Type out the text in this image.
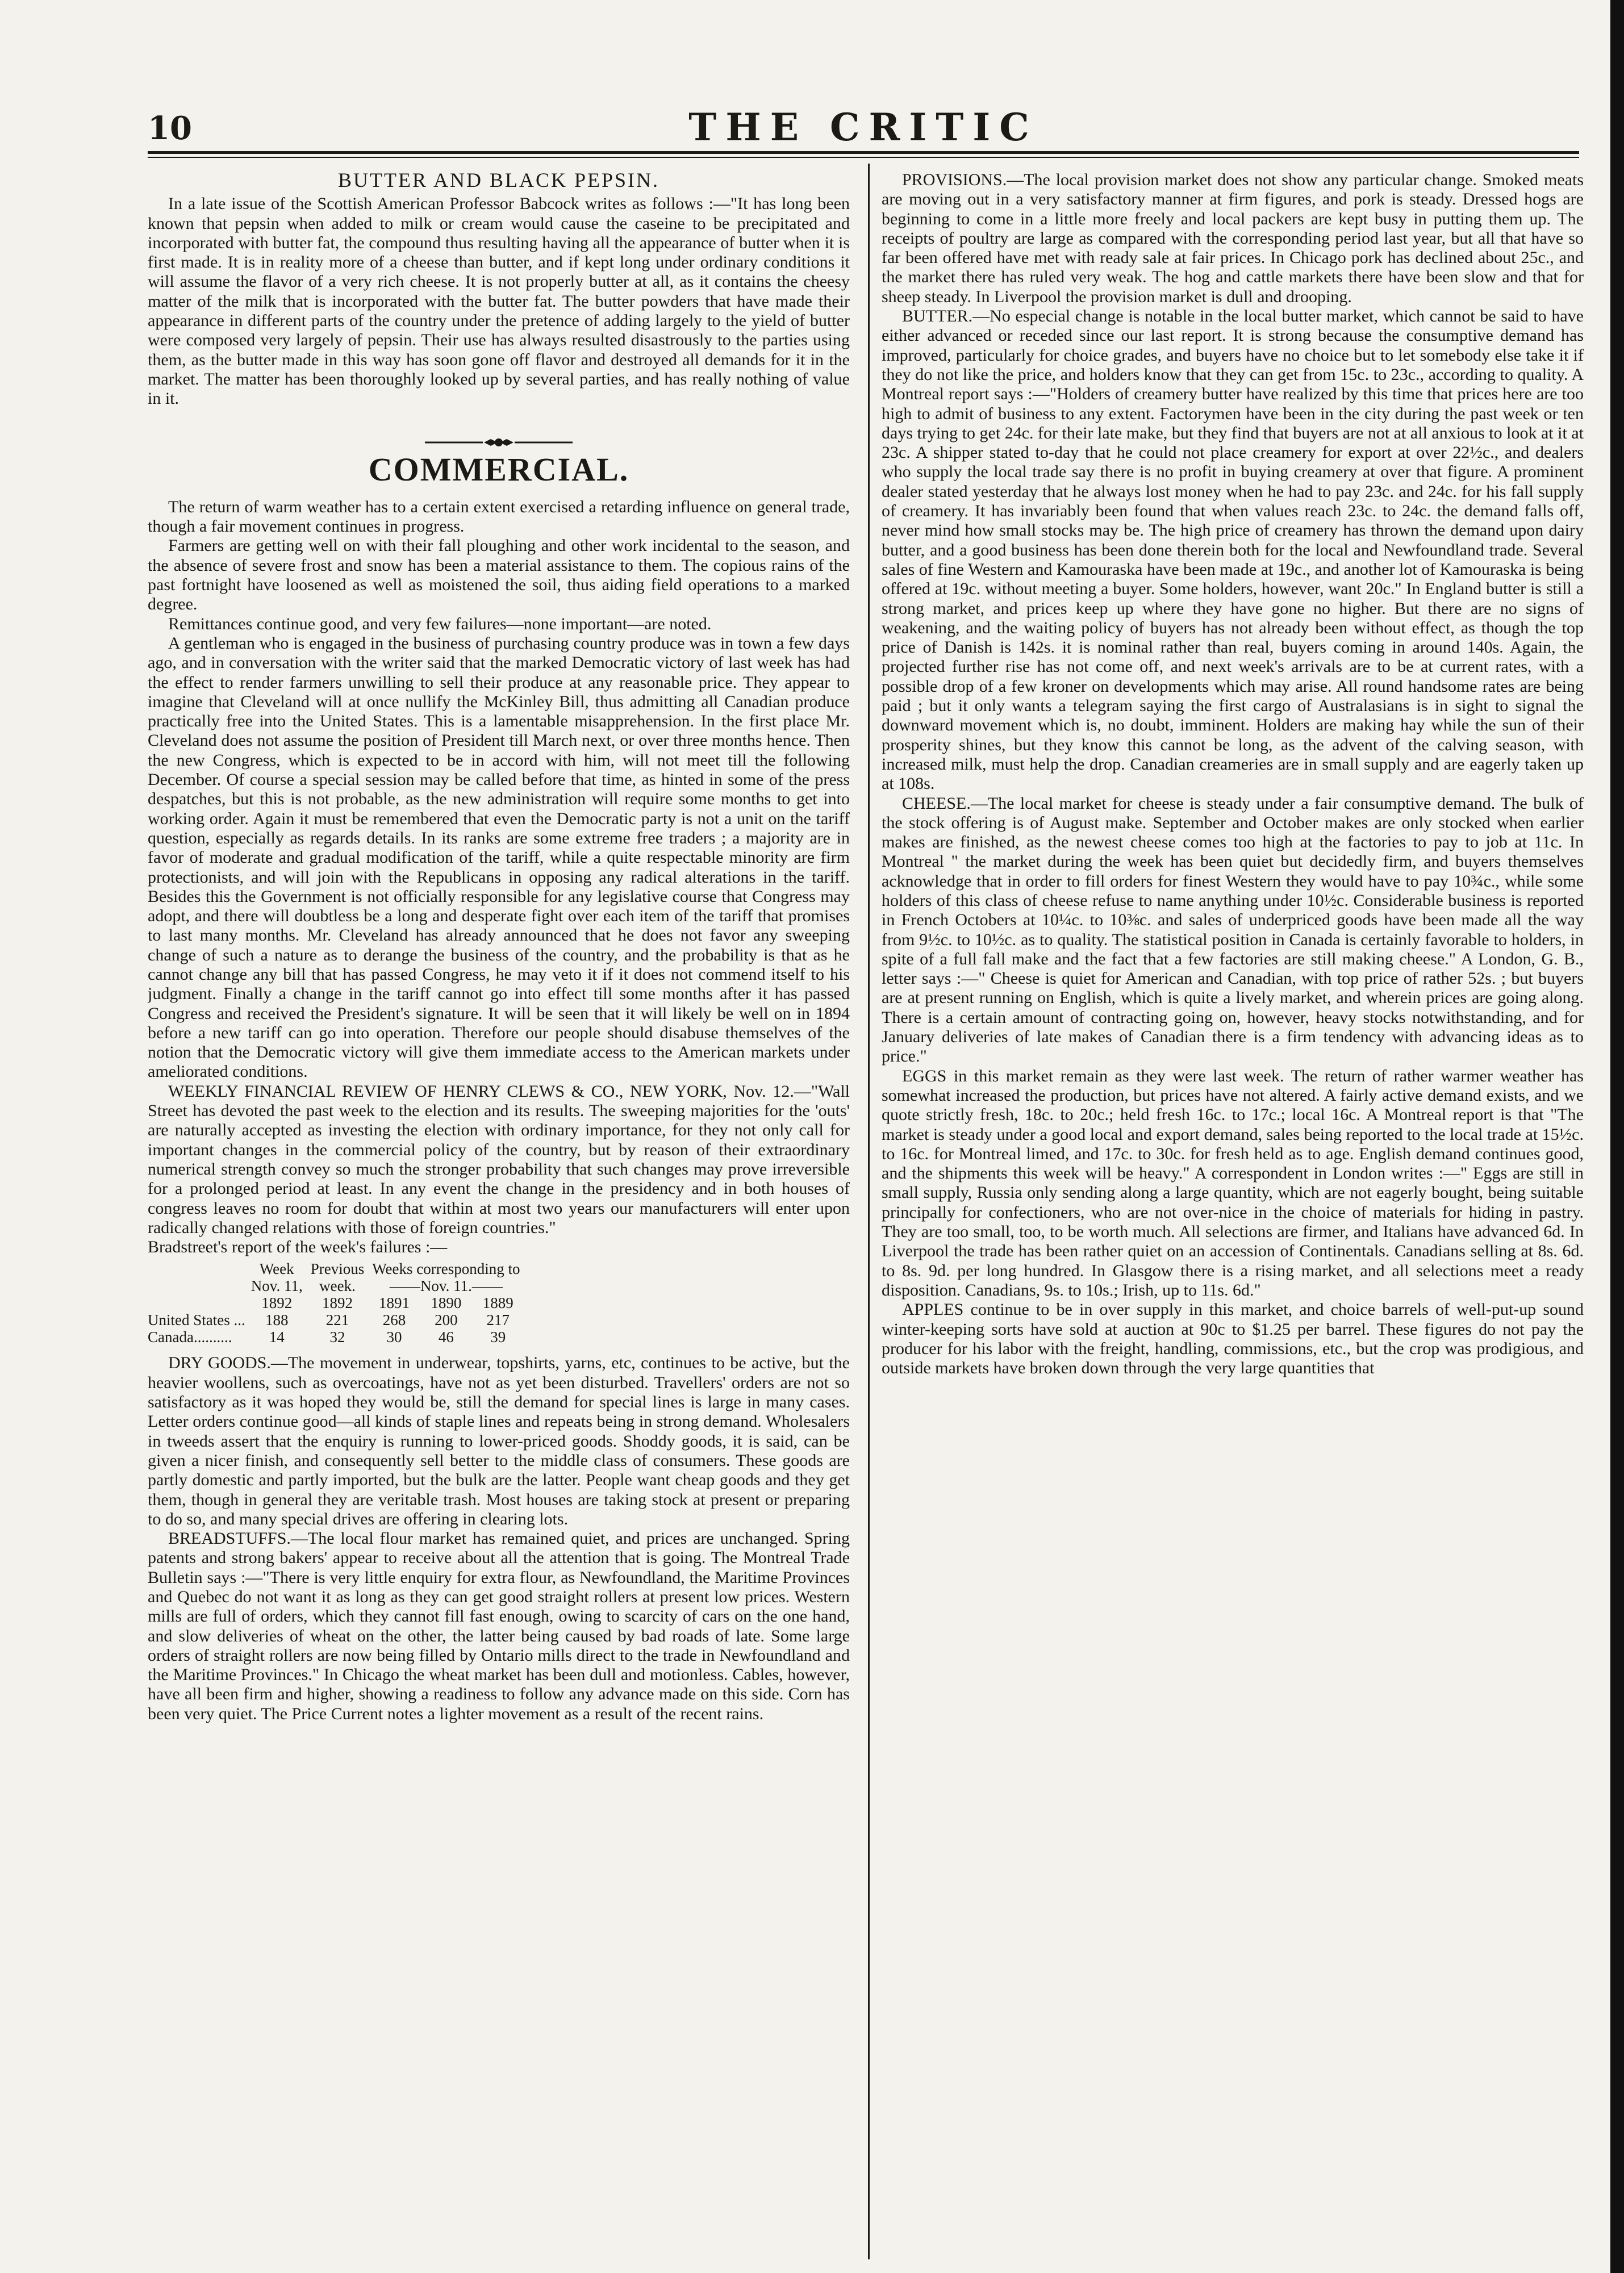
10	THE CRITIC
BUTTER AND BLACK PEPSIN.

In a late issue of the Scottish American Professor Babcock writes as follows :—"It has long been known that pepsin when added to milk or cream would cause the caseine to be precipitated and incorporated with butter fat, the compound thus resulting having all the appearance of butter when it is first made. It is in reality more of a cheese than butter, and if kept long under ordinary conditions it will assume the flavor of a very rich cheese. It is not properly butter at all, as it contains the cheesy matter of the milk that is incorporated with the butter fat. The butter powders that have made their appearance in different parts of the country under the pretence of adding largely to the yield of butter were composed very largely of pepsin. Their use has always resulted disastrously to the parties using them, as the butter made in this way has soon gone off flavor and destroyed all demands for it in the market. The matter has been thoroughly looked up by several parties, and has really nothing of value in it.

COMMERCIAL.

The return of warm weather has to a certain extent exercised a retarding influence on general trade, though a fair movement continues in progress.

Farmers are getting well on with their fall ploughing and other work incidental to the season, and the absence of severe frost and snow has been a material assistance to them. The copious rains of the past fortnight have loosened as well as moistened the soil, thus aiding field operations to a marked degree.

Remittances continue good, and very few failures—none important—are noted.

A gentleman who is engaged in the business of purchasing country produce was in town a few days ago, and in conversation with the writer said that the marked Democratic victory of last week has had the effect to render farmers unwilling to sell their produce at any reasonable price. They appear to imagine that Cleveland will at once nullify the McKinley Bill, thus admitting all Canadian produce practically free into the United States. This is a lamentable misapprehension. In the first place Mr. Cleveland does not assume the position of President till March next, or over three months hence. Then the new Congress, which is expected to be in accord with him, will not meet till the following December. Of course a special session may be called before that time, as hinted in some of the press despatches, but this is not probable, as the new administration will require some months to get into working order. Again it must be remembered that even the Democratic party is not a unit on the tariff question, especially as regards details. In its ranks are some extreme free traders ; a majority are in favor of moderate and gradual modification of the tariff, while a quite respectable minority are firm protectionists, and will join with the Republicans in opposing any radical alterations in the tariff. Besides this the Government is not officially responsible for any legislative course that Congress may adopt, and there will doubtless be a long and desperate fight over each item of the tariff that promises to last many months. Mr. Cleveland has already announced that he does not favor any sweeping change of such a nature as to derange the business of the country, and the probability is that as he cannot change any bill that has passed Congress, he may veto it if it does not commend itself to his judgment. Finally a change in the tariff cannot go into effect till some months after it has passed Congress and received the President's signature. It will be seen that it will likely be well on in 1894 before a new tariff can go into operation. Therefore our people should disabuse themselves of the notion that the Democratic victory will give them immediate access to the American markets under ameliorated conditions.

WEEKLY FINANCIAL REVIEW OF HENRY CLEWS & CO., NEW YORK, Nov. 12.—"Wall Street has devoted the past week to the election and its results. The sweeping majorities for the 'outs' are naturally accepted as investing the election with ordinary importance, for they not only call for important changes in the commercial policy of the country, but by reason of their extraordinary numerical strength convey so much the stronger probability that such changes may prove irreversible for a prolonged period at least. In any event the change in the presidency and in both houses of congress leaves no room for doubt that within at most two years our manufacturers will enter upon radically changed relations with those of foreign countries."

Bradstreet's report of the week's failures :—

	Week	Previous	Weeks corresponding to		
	Nov. 11,	week.	——Nov. 11.——		
	1892	1892	1891	1890	1889
United States ...	188	221	268	200	217
Canada..........	14	32	30	46	39

DRY GOODS.—The movement in underwear, topshirts, yarns, etc, continues to be active, but the heavier woollens, such as overcoatings, have not as yet been disturbed. Travellers' orders are not so satisfactory as it was hoped they would be, still the demand for special lines is large in many cases. Letter orders continue good—all kinds of staple lines and repeats being in strong demand. Wholesalers in tweeds assert that the enquiry is running to lower-priced goods. Shoddy goods, it is said, can be given a nicer finish, and consequently sell better to the middle class of consumers. These goods are partly domestic and partly imported, but the bulk are the latter. People want cheap goods and they get them, though in general they are veritable trash. Most houses are taking stock at present or preparing to do so, and many special drives are offering in clearing lots.

BREADSTUFFS.—The local flour market has remained quiet, and prices are unchanged. Spring patents and strong bakers' appear to receive about all the attention that is going. The Montreal Trade Bulletin says :—"There is very little enquiry for extra flour, as Newfoundland, the Maritime Provinces and Quebec do not want it as long as they can get good straight rollers at present low prices. Western mills are full of orders, which they cannot fill fast enough, owing to scarcity of cars on the one hand, and slow deliveries of wheat on the other, the latter being caused by bad roads of late. Some large orders of straight rollers are now being filled by Ontario mills direct to the trade in Newfoundland and the Maritime Provinces." In Chicago the wheat market has been dull and motionless. Cables, however, have all been firm and higher, showing a readiness to follow any advance made on this side. Corn has been very quiet. The Price Current notes a lighter movement as a result of the recent rains.

PROVISIONS.—The local provision market does not show any particular change. Smoked meats are moving out in a very satisfactory manner at firm figures, and pork is steady. Dressed hogs are beginning to come in a little more freely and local packers are kept busy in putting them up. The receipts of poultry are large as compared with the corresponding period last year, but all that have so far been offered have met with ready sale at fair prices. In Chicago pork has declined about 25c., and the market there has ruled very weak. The hog and cattle markets there have been slow and that for sheep steady. In Liverpool the provision market is dull and drooping.

BUTTER.—No especial change is notable in the local butter market, which cannot be said to have either advanced or receded since our last report. It is strong because the consumptive demand has improved, particularly for choice grades, and buyers have no choice but to let somebody else take it if they do not like the price, and holders know that they can get from 15c. to 23c., according to quality. A Montreal report says :—"Holders of creamery butter have realized by this time that prices here are too high to admit of business to any extent. Factorymen have been in the city during the past week or ten days trying to get 24c. for their late make, but they find that buyers are not at all anxious to look at it at 23c. A shipper stated to-day that he could not place creamery for export at over 22½c., and dealers who supply the local trade say there is no profit in buying creamery at over that figure. A prominent dealer stated yesterday that he always lost money when he had to pay 23c. and 24c. for his fall supply of creamery. It has invariably been found that when values reach 23c. to 24c. the demand falls off, never mind how small stocks may be. The high price of creamery has thrown the demand upon dairy butter, and a good business has been done therein both for the local and Newfoundland trade. Several sales of fine Western and Kamouraska have been made at 19c., and another lot of Kamouraska is being offered at 19c. without meeting a buyer. Some holders, however, want 20c." In England butter is still a strong market, and prices keep up where they have gone no higher. But there are no signs of weakening, and the waiting policy of buyers has not already been without effect, as though the top price of Danish is 142s. it is nominal rather than real, buyers coming in around 140s. Again, the projected further rise has not come off, and next week's arrivals are to be at current rates, with a possible drop of a few kroner on developments which may arise. All round handsome rates are being paid ; but it only wants a telegram saying the first cargo of Australasians is in sight to signal the downward movement which is, no doubt, imminent. Holders are making hay while the sun of their prosperity shines, but they know this cannot be long, as the advent of the calving season, with increased milk, must help the drop. Canadian creameries are in small supply and are eagerly taken up at 108s.

CHEESE.—The local market for cheese is steady under a fair consumptive demand. The bulk of the stock offering is of August make. September and October makes are only stocked when earlier makes are finished, as the newest cheese comes too high at the factories to pay to job at 11c. In Montreal " the market during the week has been quiet but decidedly firm, and buyers themselves acknowledge that in order to fill orders for finest Western they would have to pay 10¾c., while some holders of this class of cheese refuse to name anything under 10½c. Considerable business is reported in French Octobers at 10¼c. to 10⅜c. and sales of underpriced goods have been made all the way from 9½c. to 10½c. as to quality. The statistical position in Canada is certainly favorable to holders, in spite of a full fall make and the fact that a few factories are still making cheese." A London, G. B., letter says :—" Cheese is quiet for American and Canadian, with top price of rather 52s. ; but buyers are at present running on English, which is quite a lively market, and wherein prices are going along. There is a certain amount of contracting going on, however, heavy stocks notwithstanding, and for January deliveries of late makes of Canadian there is a firm tendency with advancing ideas as to price."

EGGS in this market remain as they were last week. The return of rather warmer weather has somewhat increased the production, but prices have not altered. A fairly active demand exists, and we quote strictly fresh, 18c. to 20c.; held fresh 16c. to 17c.; local 16c. A Montreal report is that "The market is steady under a good local and export demand, sales being reported to the local trade at 15½c. to 16c. for Montreal limed, and 17c. to 30c. for fresh held as to age. English demand continues good, and the shipments this week will be heavy." A correspondent in London writes :—" Eggs are still in small supply, Russia only sending along a large quantity, which are not eagerly bought, being suitable principally for confectioners, who are not over-nice in the choice of materials for hiding in pastry. They are too small, too, to be worth much. All selections are firmer, and Italians have advanced 6d. In Liverpool the trade has been rather quiet on an accession of Continentals. Canadians selling at 8s. 6d. to 8s. 9d. per long hundred. In Glasgow there is a rising market, and all selections meet a ready disposition. Canadians, 9s. to 10s.; Irish, up to 11s. 6d."

APPLES continue to be in over supply in this market, and choice barrels of well-put-up sound winter-keeping sorts have sold at auction at 90c to $1.25 per barrel. These figures do not pay the producer for his labor with the freight, handling, commissions, etc., but the crop was prodigious, and outside markets have broken down through the very large quantities that
